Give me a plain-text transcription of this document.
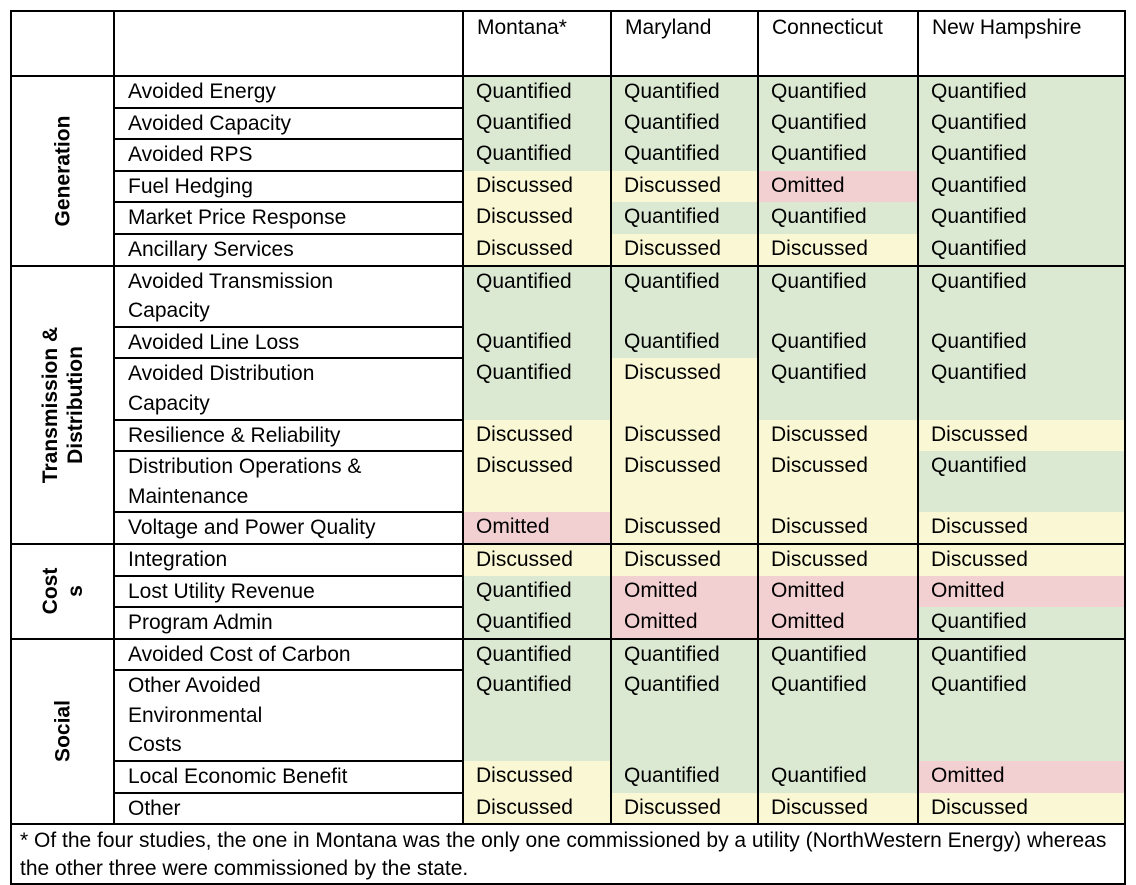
		Montana*	Maryland	Connecticut	New Hampshire

Generation	Avoided Energy	Quantified	Quantified	Quantified	Quantified

	Avoided Capacity	Quantified	Quantified	Quantified	Quantified

	Avoided RPS	Quantified	Quantified	Quantified	Quantified

	Fuel Hedging	Discussed	Discussed	Omitted	Quantified

	Market Price Response	Discussed	Quantified	Quantified	Quantified

	Ancillary Services	Discussed	Discussed	Discussed	Quantified

Transmission & Distribution	Avoided Transmission Capacity	Quantified	Quantified	Quantified	Quantified

	Avoided Line Loss	Quantified	Quantified	Quantified	Quantified

	Avoided Distribution Capacity	Quantified	Discussed	Quantified	Quantified

	Resilience & Reliability	Discussed	Discussed	Discussed	Discussed

	Distribution Operations & Maintenance	Discussed	Discussed	Discussed	Quantified

	Voltage and Power Quality	Omitted	Discussed	Discussed	Discussed

Cost s	Integration	Discussed	Discussed	Discussed	Discussed

	Lost Utility Revenue	Quantified	Omitted	Omitted	Omitted

	Program Admin	Quantified	Omitted	Omitted	Quantified

Social	Avoided Cost of Carbon	Quantified	Quantified	Quantified	Quantified

	Other Avoided Environmental Costs	Quantified	Quantified	Quantified	Quantified

	Local Economic Benefit	Discussed	Quantified	Quantified	Omitted

	Other	Discussed	Discussed	Discussed	Discussed
* Of the four studies, the one in Montana was the only one commissioned by a utility (NorthWestern Energy) whereas the other three were commissioned by the state.					
